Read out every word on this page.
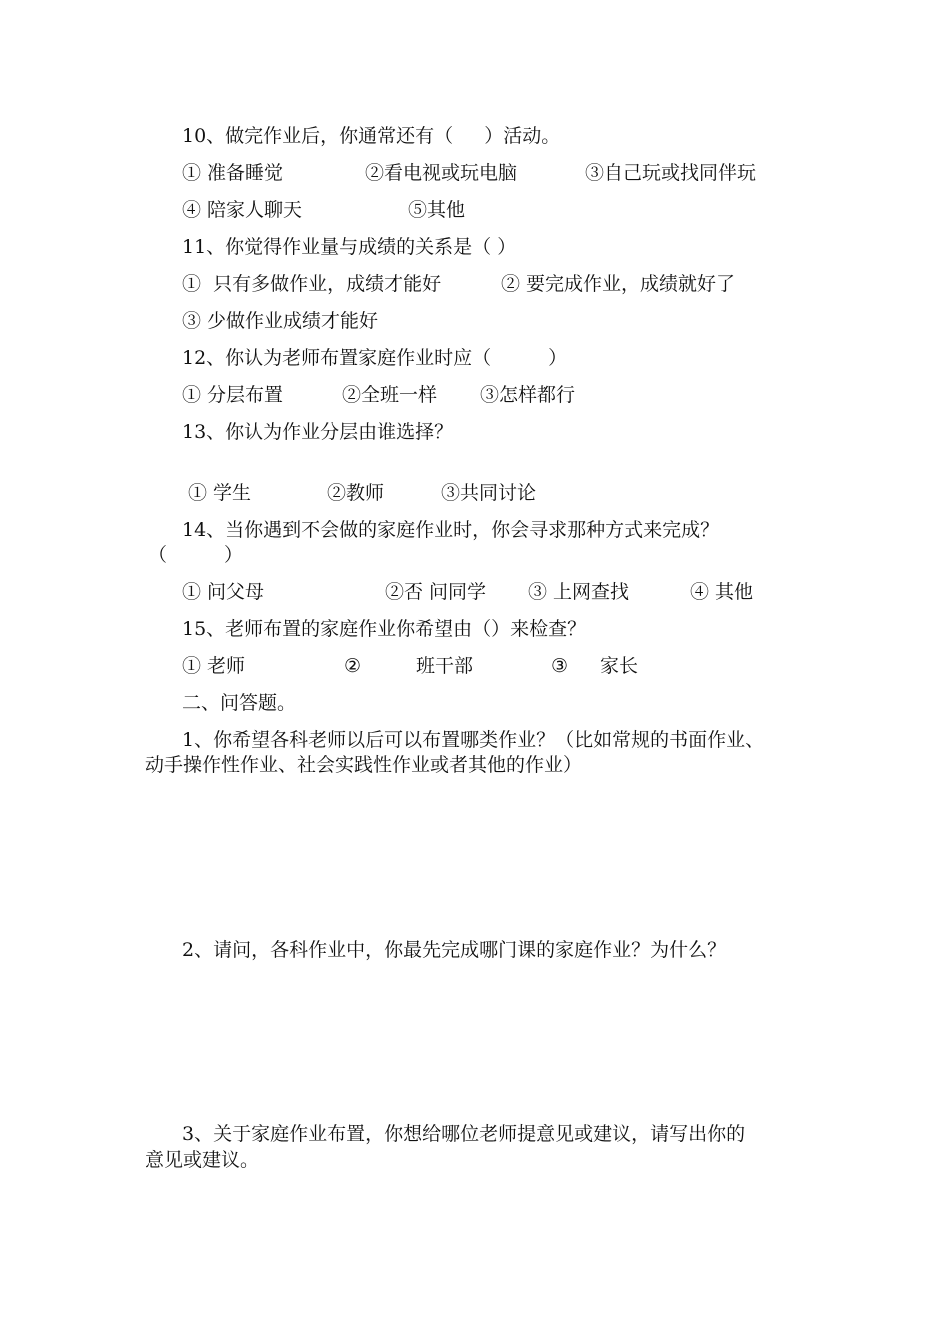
10、做完作业后，你通常还有（　  ）活动。
① 准备睡觉	②看电视或玩电脑	③自己玩或找同伴玩
④ 陪家人聊天	⑤其他
11、你觉得作业量与成绩的关系是（ ）
①  只有多做作业，成绩才能好	② 要完成作业，成绩就好了
③ 少做作业成绩才能好
12、你认为老师布置家庭作业时应（　　　）
① 分层布置	②全班一样 ③怎样都行
13、你认为作业分层由谁选择？
① 学生	②教师	③共同讨论
14、当你遇到不会做的家庭作业时，你会寻求那种方式来完成？
（　　　）
① 问父母	②否 问同学 ③ 上网查找	④ 其他
15、老师布置的家庭作业你希望由（）来检查？
① 老师	②	班干部	③ 家长
二、问答题。
1、你希望各科老师以后可以布置哪类作业？（比如常规的书面作业、
动手操作性作业、社会实践性作业或者其他的作业）
2、请问，各科作业中，你最先完成哪门课的家庭作业？为什么？
3、关于家庭作业布置，你想给哪位老师提意见或建议，请写出你的
意见或建议。
